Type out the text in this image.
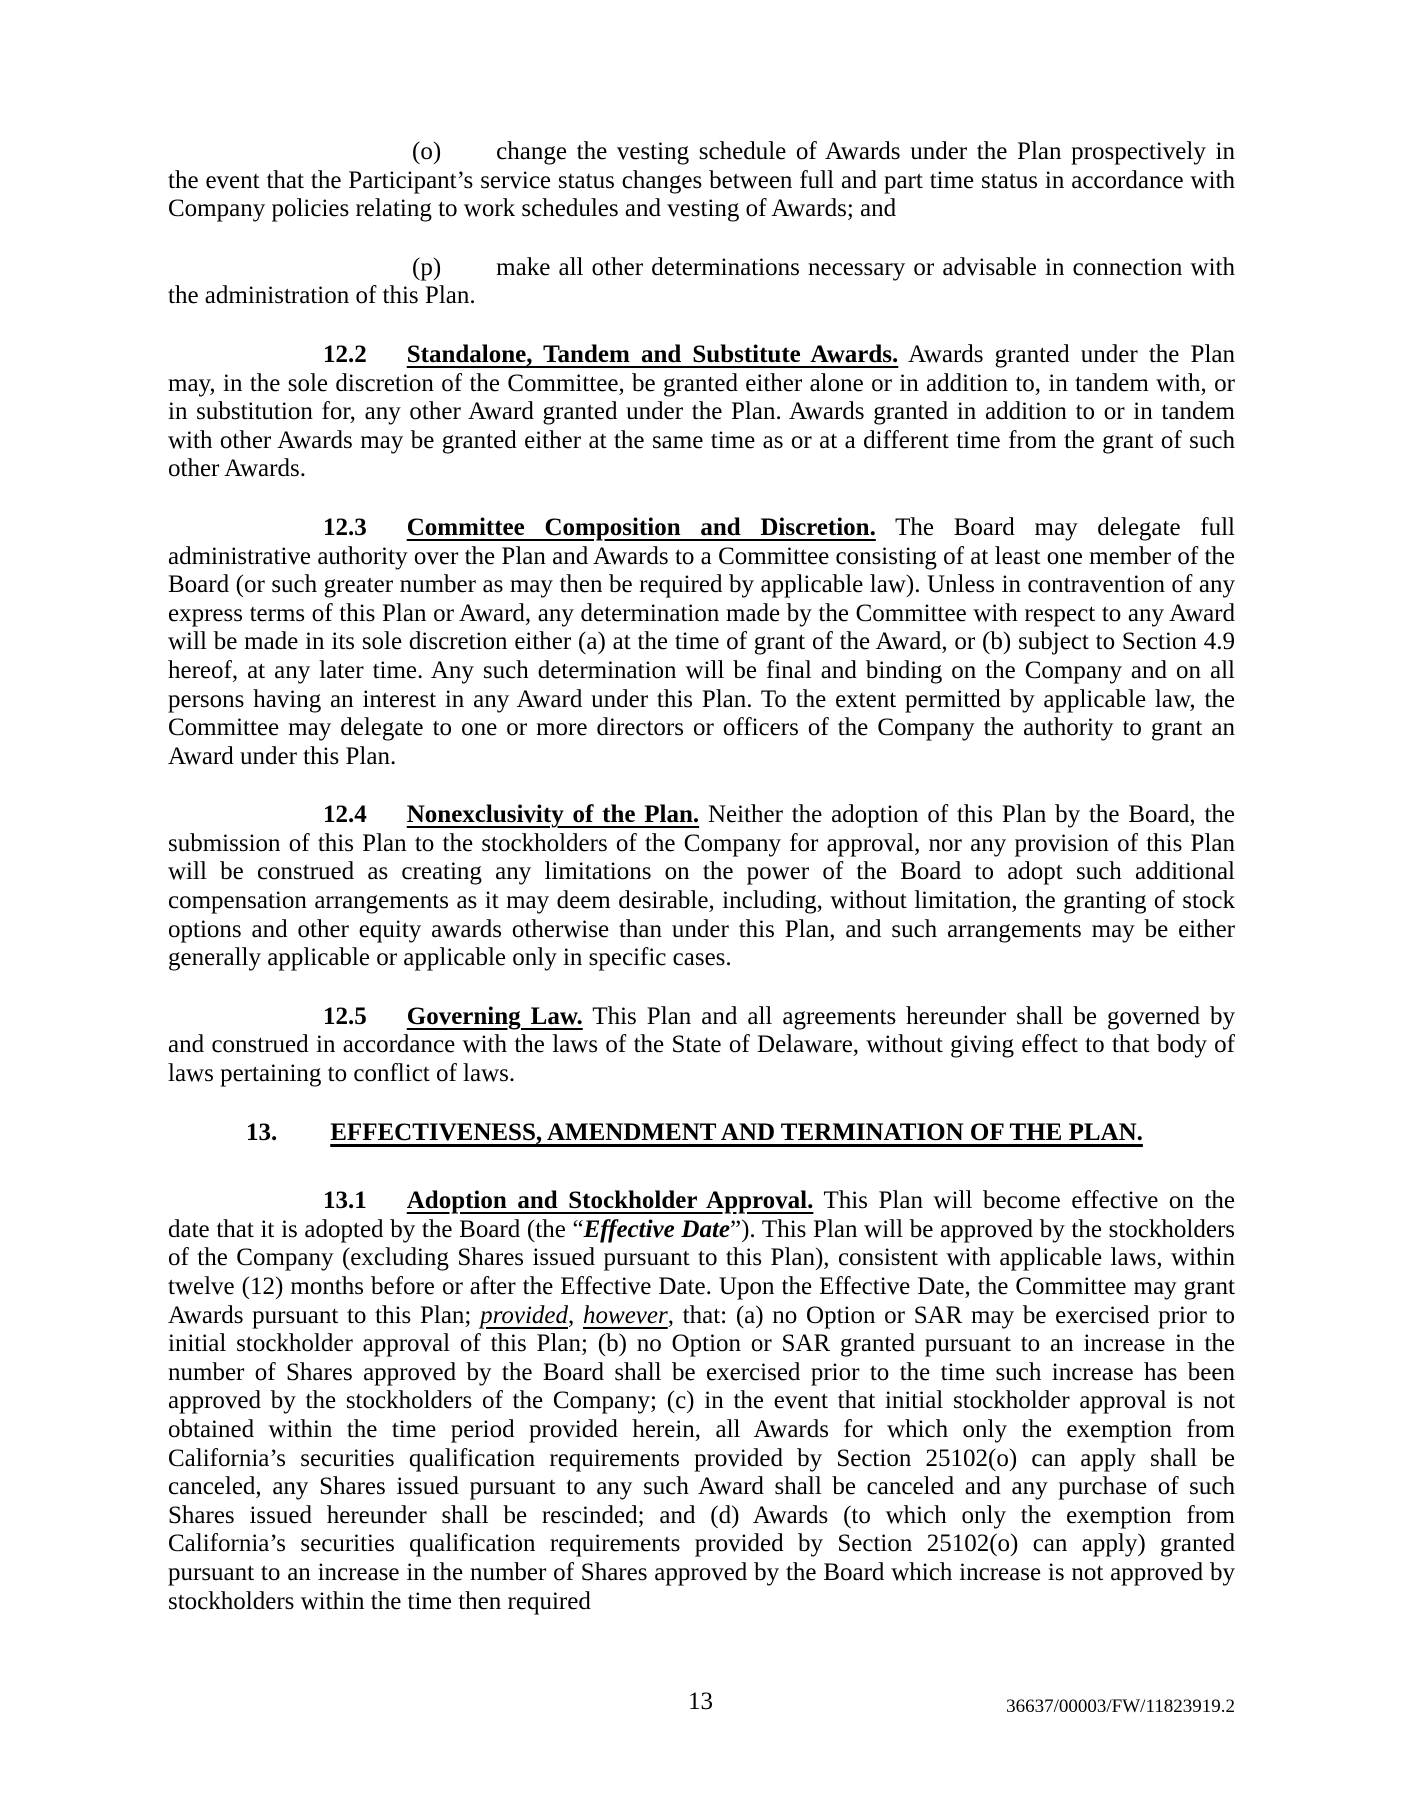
(o) change the vesting schedule of Awards under the Plan prospectively in the event that the Participant’s service status changes between full and part time status in accordance with Company policies relating to work schedules and vesting of Awards; and

(p) make all other determinations necessary or advisable in connection with the administration of this Plan.

12.2 Standalone, Tandem and Substitute Awards. Awards granted under the Plan may, in the sole discretion of the Committee, be granted either alone or in addition to, in tandem with, or in substitution for, any other Award granted under the Plan. Awards granted in addition to or in tandem with other Awards may be granted either at the same time as or at a different time from the grant of such other Awards.

12.3 Committee Composition and Discretion. The Board may delegate full administrative authority over the Plan and Awards to a Committee consisting of at least one member of the Board (or such greater number as may then be required by applicable law). Unless in contravention of any express terms of this Plan or Award, any determination made by the Committee with respect to any Award will be made in its sole discretion either (a) at the time of grant of the Award, or (b) subject to Section 4.9 hereof, at any later time. Any such determination will be final and binding on the Company and on all persons having an interest in any Award under this Plan. To the extent permitted by applicable law, the Committee may delegate to one or more directors or officers of the Company the authority to grant an Award under this Plan.

12.4 Nonexclusivity of the Plan. Neither the adoption of this Plan by the Board, the submission of this Plan to the stockholders of the Company for approval, nor any provision of this Plan will be construed as creating any limitations on the power of the Board to adopt such additional compensation arrangements as it may deem desirable, including, without limitation, the granting of stock options and other equity awards otherwise than under this Plan, and such arrangements may be either generally applicable or applicable only in specific cases.

12.5 Governing Law. This Plan and all agreements hereunder shall be governed by and construed in accordance with the laws of the State of Delaware, without giving effect to that body of laws pertaining to conflict of laws.

13. EFFECTIVENESS, AMENDMENT AND TERMINATION OF THE PLAN.

13.1 Adoption and Stockholder Approval. This Plan will become effective on the date that it is adopted by the Board (the “Effective Date”). This Plan will be approved by the stockholders of the Company (excluding Shares issued pursuant to this Plan), consistent with applicable laws, within twelve (12) months before or after the Effective Date. Upon the Effective Date, the Committee may grant Awards pursuant to this Plan; provided, however, that: (a) no Option or SAR may be exercised prior to initial stockholder approval of this Plan; (b) no Option or SAR granted pursuant to an increase in the number of Shares approved by the Board shall be exercised prior to the time such increase has been approved by the stockholders of the Company; (c) in the event that initial stockholder approval is not obtained within the time period provided herein, all Awards for which only the exemption from California’s securities qualification requirements provided by Section 25102(o) can apply shall be canceled, any Shares issued pursuant to any such Award shall be canceled and any purchase of such Shares issued hereunder shall be rescinded; and (d) Awards (to which only the exemption from California’s securities qualification requirements provided by Section 25102(o) can apply) granted pursuant to an increase in the number of Shares approved by the Board which increase is not approved by stockholders within the time then required

13	36637/00003/FW/11823919.2
